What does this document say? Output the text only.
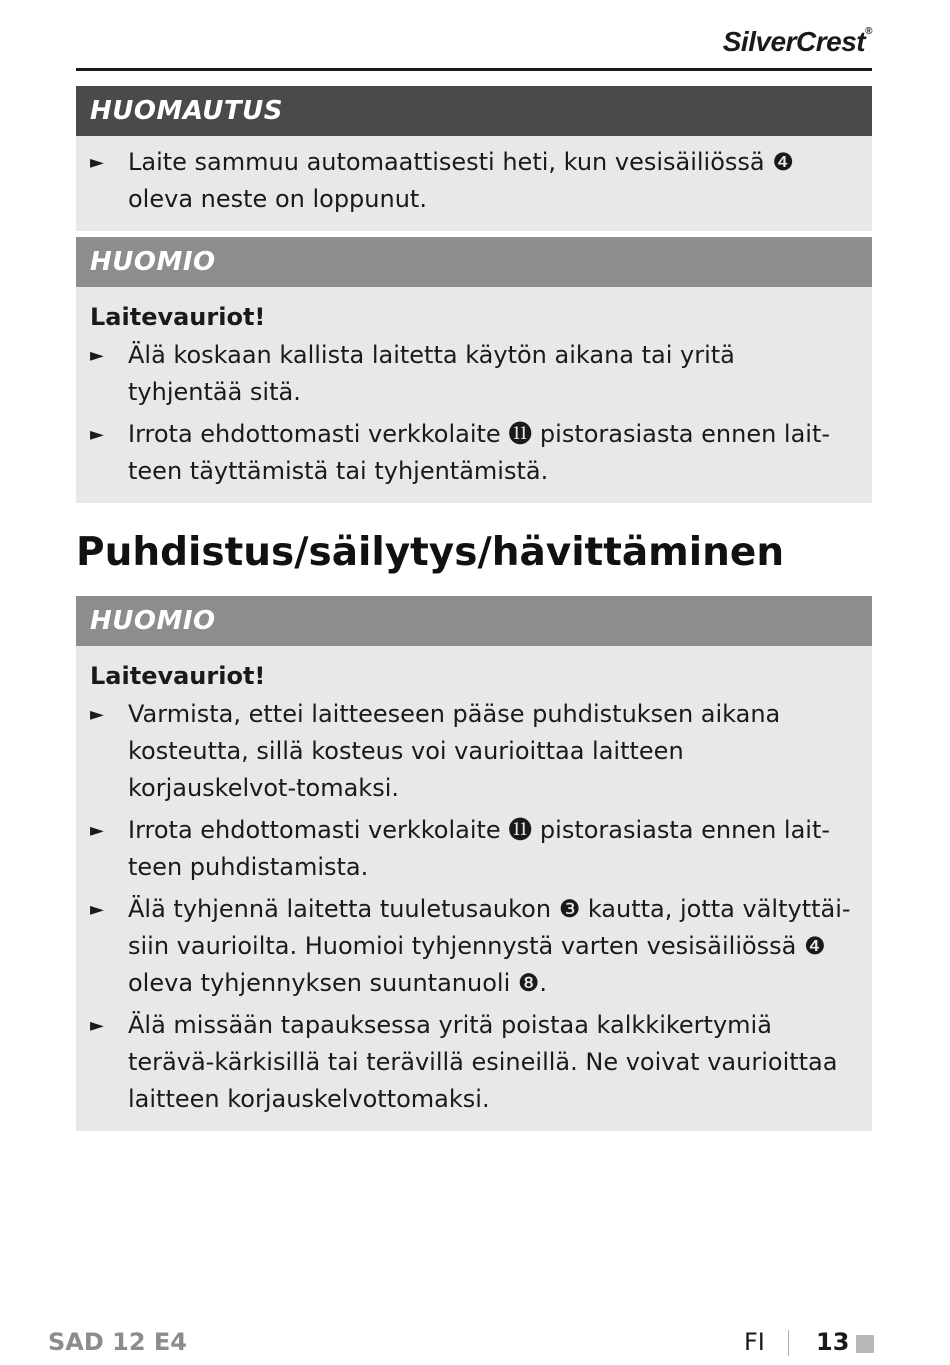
SilverCrest®
HUOMAUTUS
► Laite sammuu automaattisesti heti, kun vesisäiliössä ❹ oleva neste on loppunut.
HUOMIO
Laitevauriot!
► Älä koskaan kallista laitetta käytön aikana tai yritä tyhjentää sitä.
► Irrota ehdottomasti verkkolaite ⓫ pistorasiasta ennen lait-teen täyttämistä tai tyhjentämistä.
Puhdistus/säilytys/hävittäminen
HUOMIO
Laitevauriot!
► Varmista, ettei laitteeseen pääse puhdistuksen aikana kosteutta, sillä kosteus voi vaurioittaa laitteen korjauskelvot-tomaksi.
► Irrota ehdottomasti verkkolaite ⓫ pistorasiasta ennen lait-teen puhdistamista.
► Älä tyhjennä laitetta tuuletusaukon ❸ kautta, jotta vältyttäi-siin vaurioilta. Huomioi tyhjennystä varten vesisäiliössä ❹ oleva tyhjennyksen suuntanuoli ❽.
► Älä missään tapauksessa yritä poistaa kalkkikertymiä terävä-kärkisillä tai terävillä esineillä. Ne voivat vaurioittaa laitteen korjauskelvottomaksi.
SAD 12 E4	FI 13
